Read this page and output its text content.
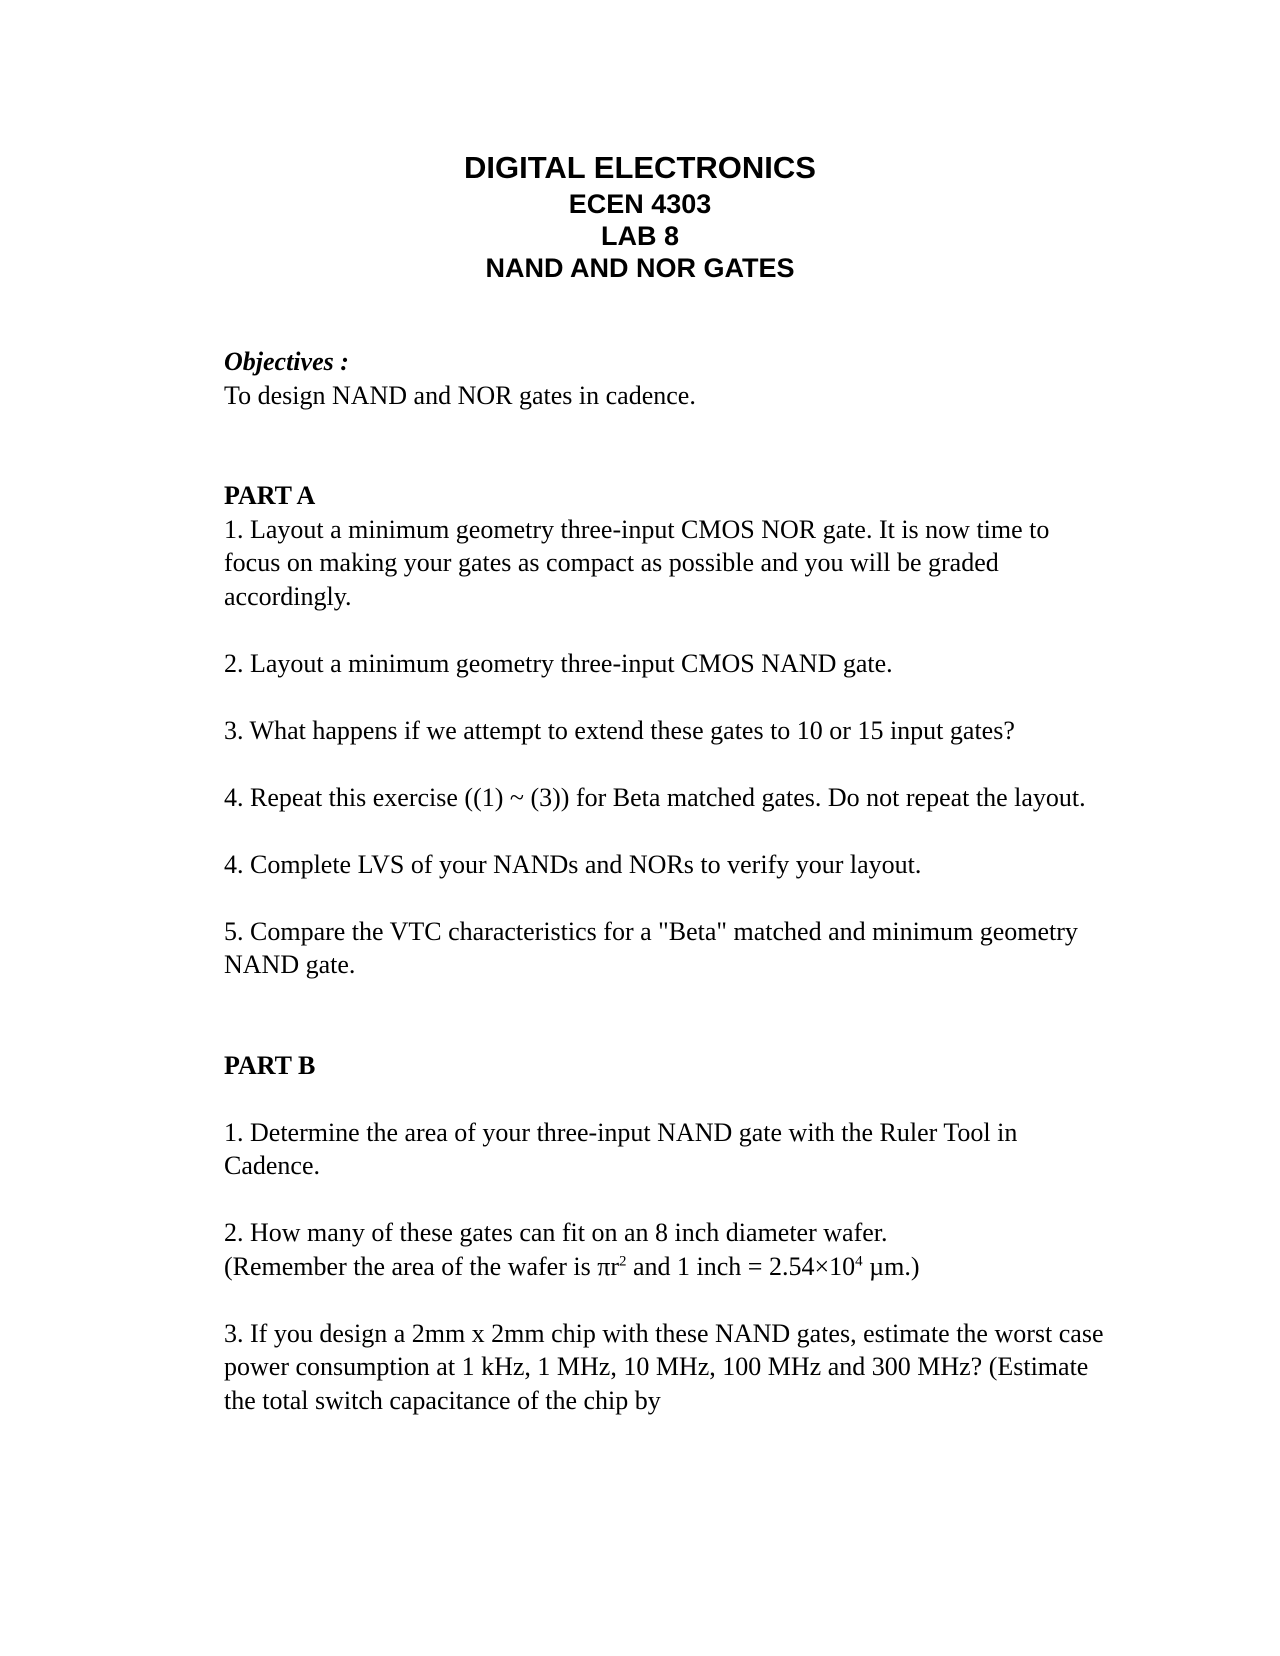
DIGITAL ELECTRONICS
ECEN 4303
LAB 8
NAND AND NOR GATES

Objectives :

To design NAND and NOR gates in cadence.

PART A

1. Layout a minimum geometry three-input CMOS NOR gate. It is now time to focus on making your gates as compact as possible and you will be graded accordingly.

2. Layout a minimum geometry three-input CMOS NAND gate.

3. What happens if we attempt to extend these gates to 10 or 15 input gates?

4. Repeat this exercise ((1) ~ (3)) for Beta matched gates. Do not repeat the layout.

4. Complete LVS of your NANDs and NORs to verify your layout.

5. Compare the VTC characteristics for a "Beta" matched and minimum geometry NAND gate.

PART B

1. Determine the area of your three-input NAND gate with the Ruler Tool in Cadence.

2. How many of these gates can fit on an 8 inch diameter wafer.
(Remember the area of the wafer is $\pi r^2$ and 1 inch = $2.54\times 10^4$ µm.)

3. If you design a 2mm x 2mm chip with these NAND gates, estimate the worst case power consumption at 1 kHz, 1 MHz, 10 MHz, 100 MHz and 300 MHz? (Estimate the total switch capacitance of the chip by
